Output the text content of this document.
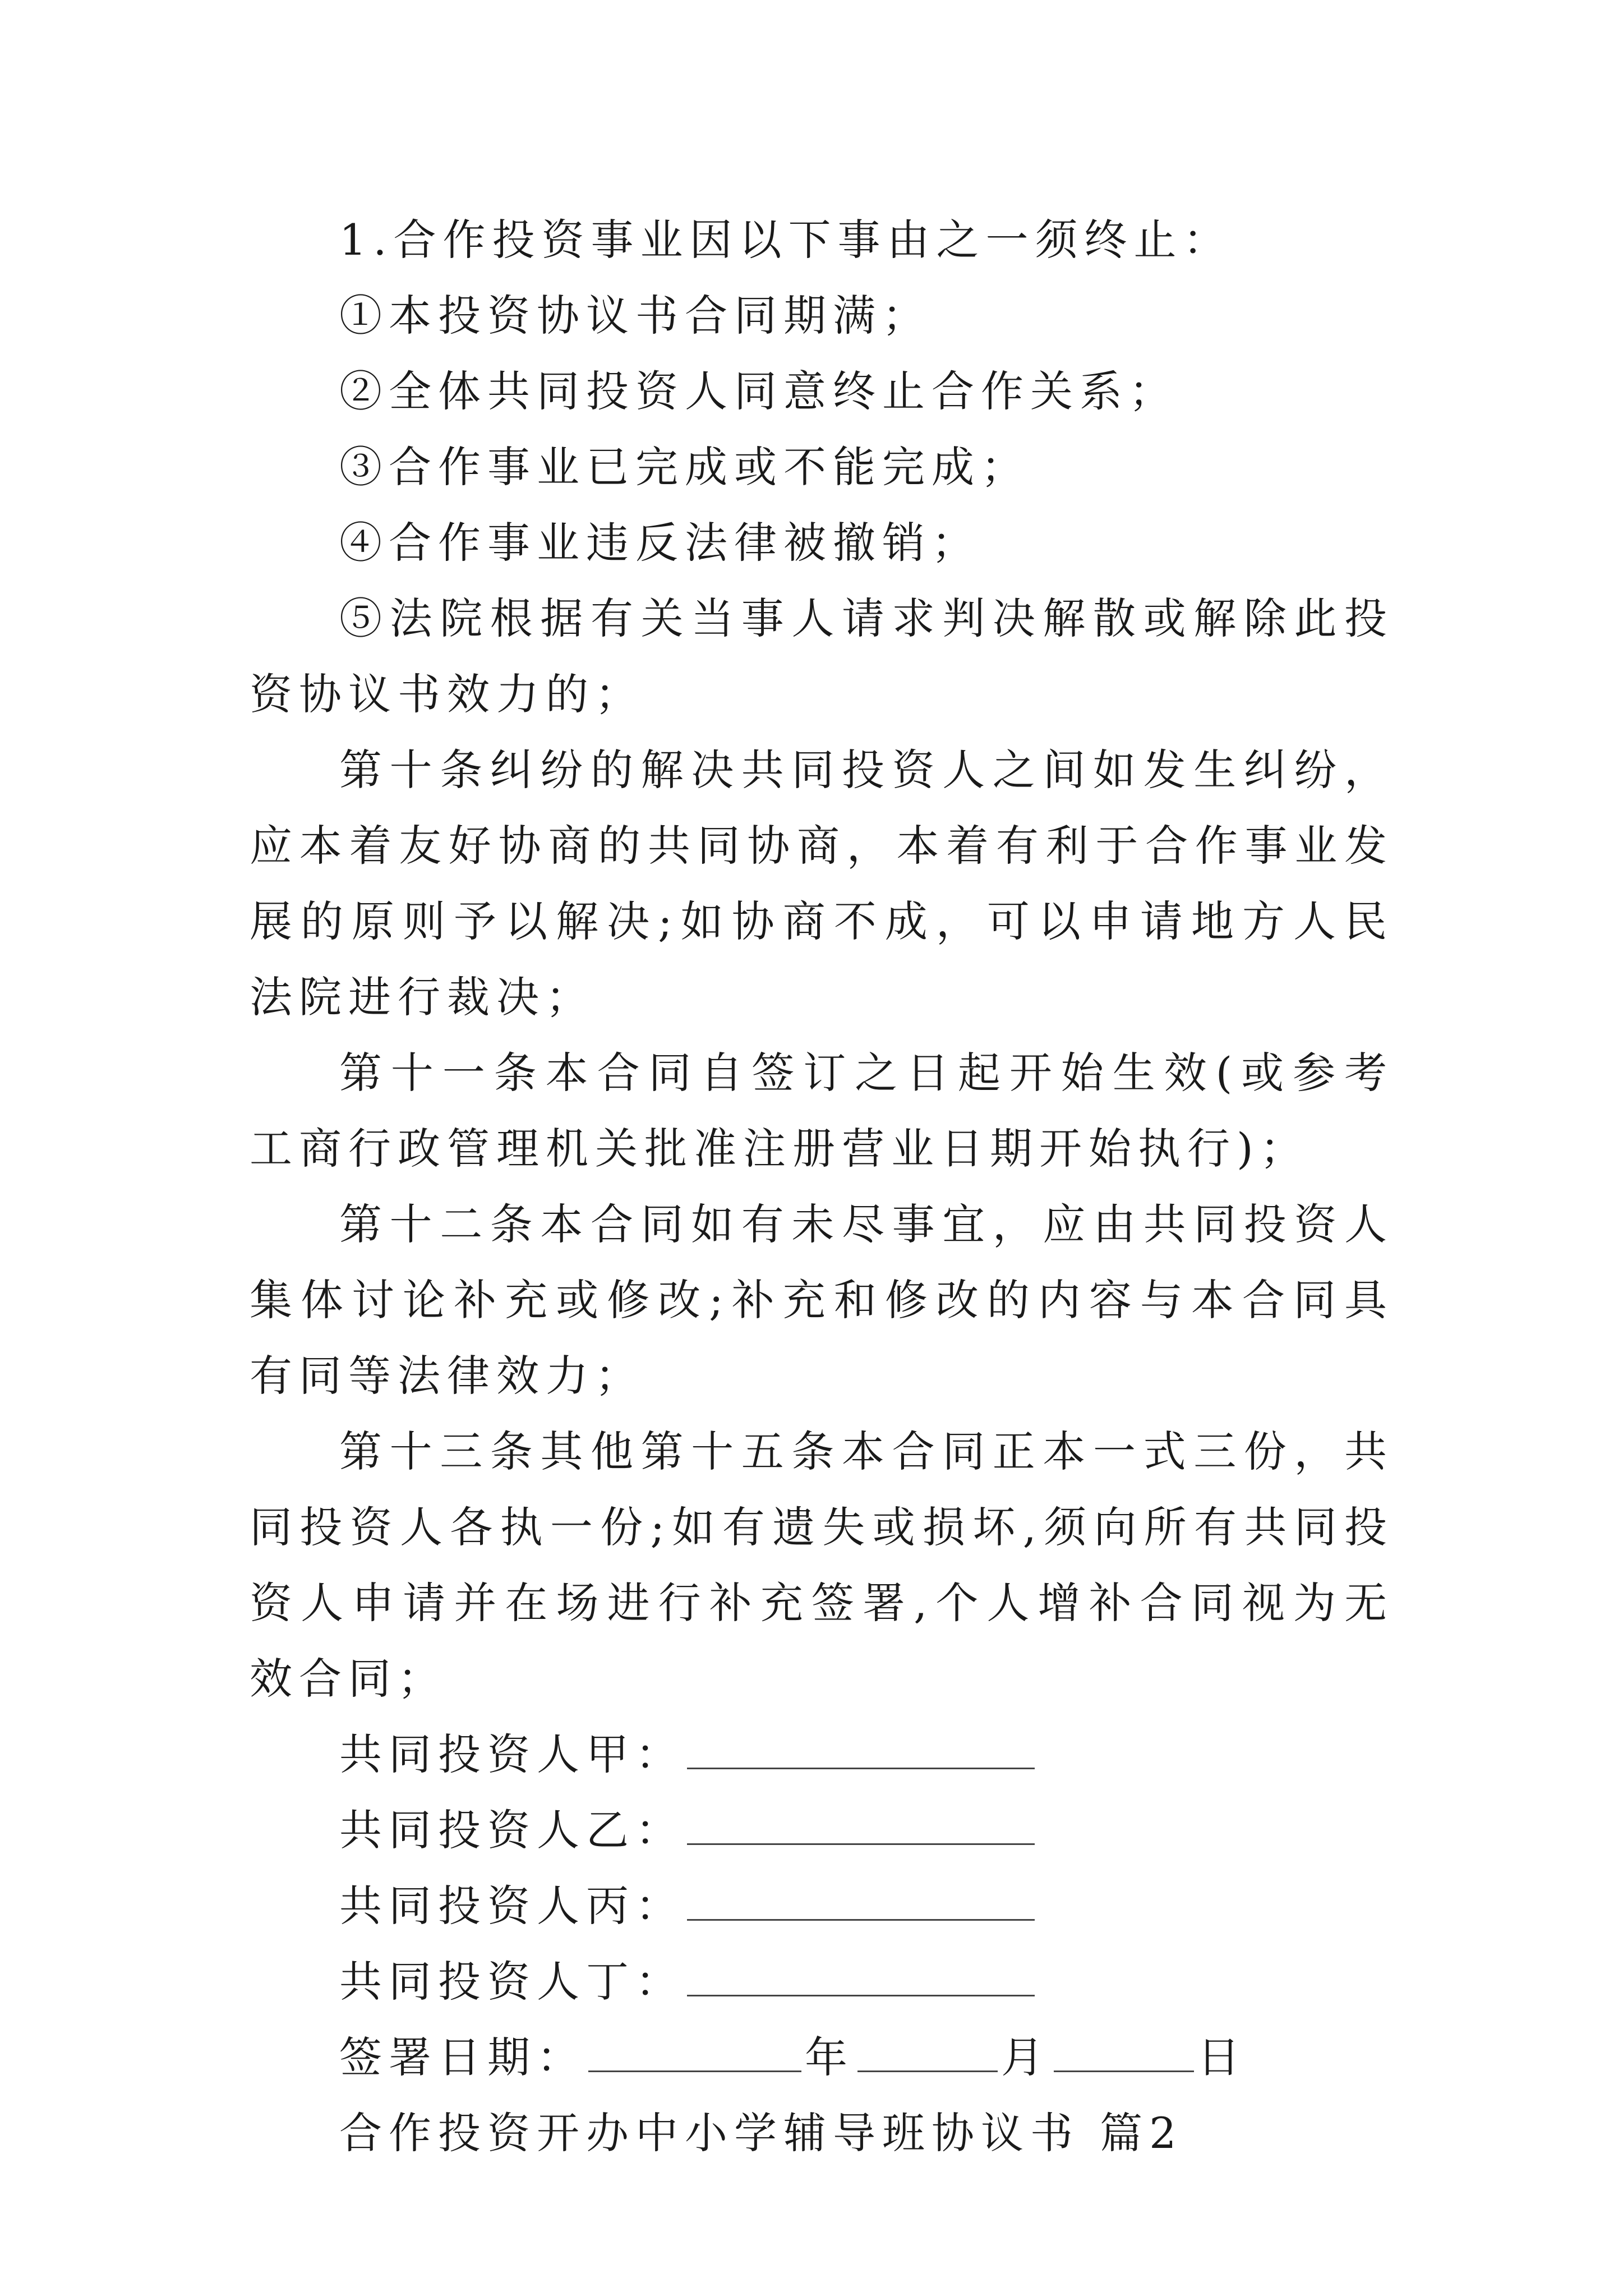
1.合作投资事业因以下事由之一须终止：

①本投资协议书合同期满；

②全体共同投资人同意终止合作关系；

③合作事业已完成或不能完成；

④合作事业违反法律被撤销；

⑤法院根据有关当事人请求判决解散或解除此投资协议书效力的；

第十条纠纷的解决共同投资人之间如发生纠纷，应本着友好协商的共同协商，本着有利于合作事业发展的原则予以解决;如协商不成，可以申请地方人民法院进行裁决；

第十一条本合同自签订之日起开始生效(或参考工商行政管理机关批准注册营业日期开始执行)；

第十二条本合同如有未尽事宜，应由共同投资人集体讨论补充或修改;补充和修改的内容与本合同具有同等法律效力；

第十三条其他第十五条本合同正本一式三份，共同投资人各执一份;如有遗失或损坏,须向所有共同投资人申请并在场进行补充签署,个人增补合同视为无效合同；

共同投资人甲：

共同投资人乙：

共同投资人丙：

共同投资人丁：

签署日期：	年	月	日

合作投资开办中小学辅导班协议书 篇2
